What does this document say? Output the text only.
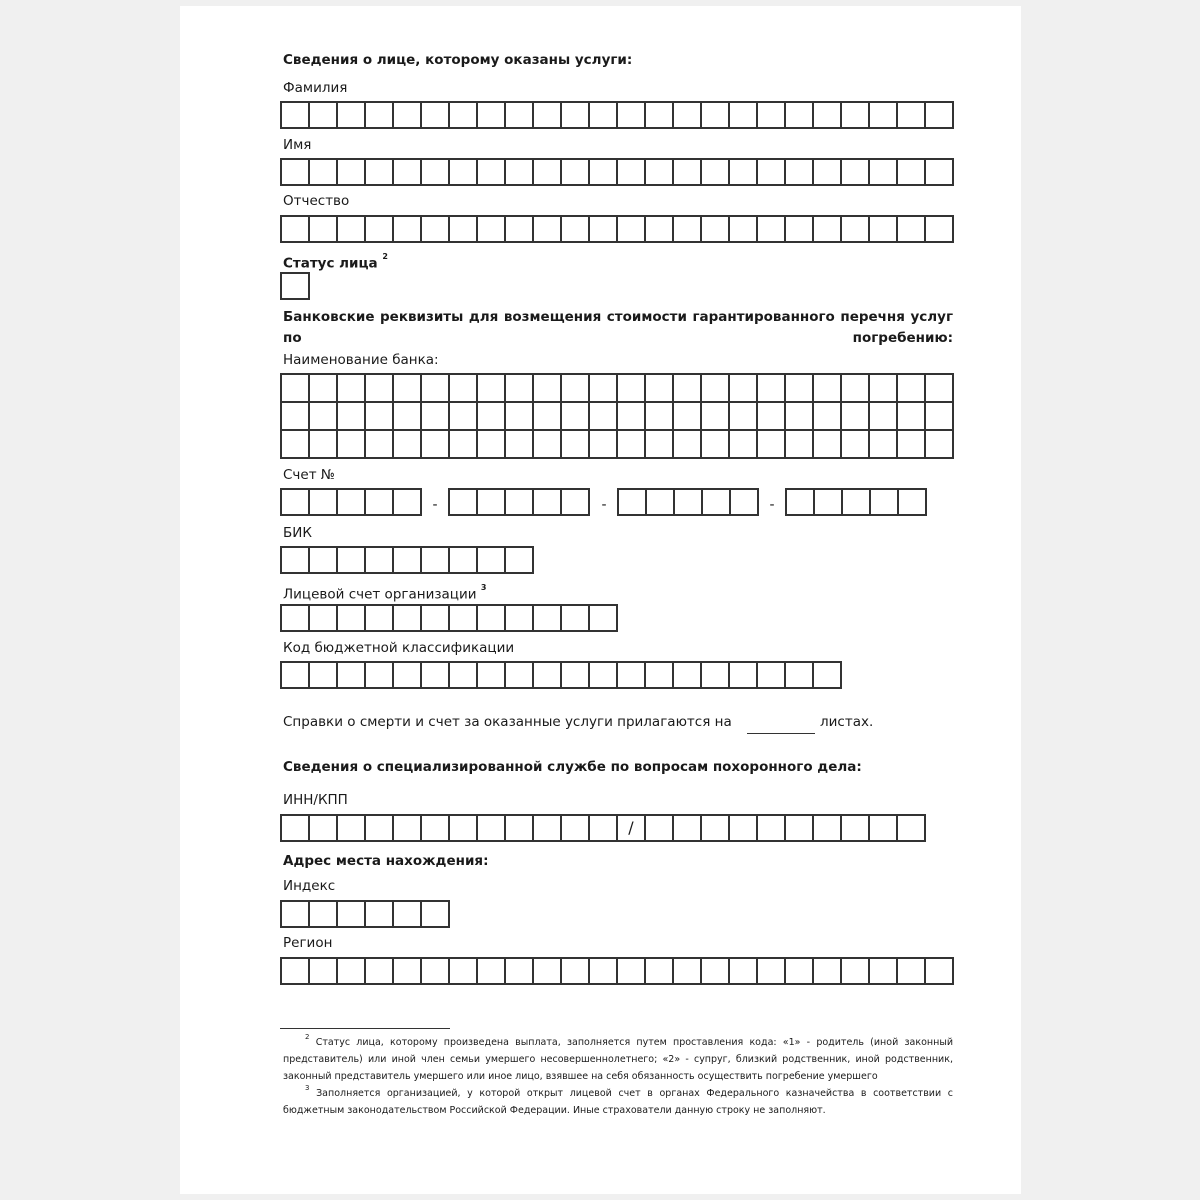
Сведения о лице, которому оказаны услуги:
Фамилия
Имя
Отчество
Статус лица $^2$
Банковские реквизиты для возмещения стоимости гарантированного перечня услуг по погребению:
Наименование банка:
Счет №
-	-	-
БИК
Лицевой счет организации $^3$
Код бюджетной классификации
Справки о смерти и счет за оказанные услуги прилагаются на	листах.
Сведения о специализированной службе по вопросам похоронного дела:
ИНН/КПП
/
Адрес места нахождения:
Индекс
Регион
$^2$ Статус лица, которому произведена выплата, заполняется путем проставления кода: «1» - родитель (иной законный представитель) или иной член семьи умершего несовершеннолетнего; «2» - супруг, близкий родственник, иной родственник, законный представитель умершего или иное лицо, взявшее на себя обязанность осуществить погребение умершего
$^3$ Заполняется организацией, у которой открыт лицевой счет в органах Федерального казначейства в соответствии с бюджетным законодательством Российской Федерации. Иные страхователи данную строку не заполняют.
